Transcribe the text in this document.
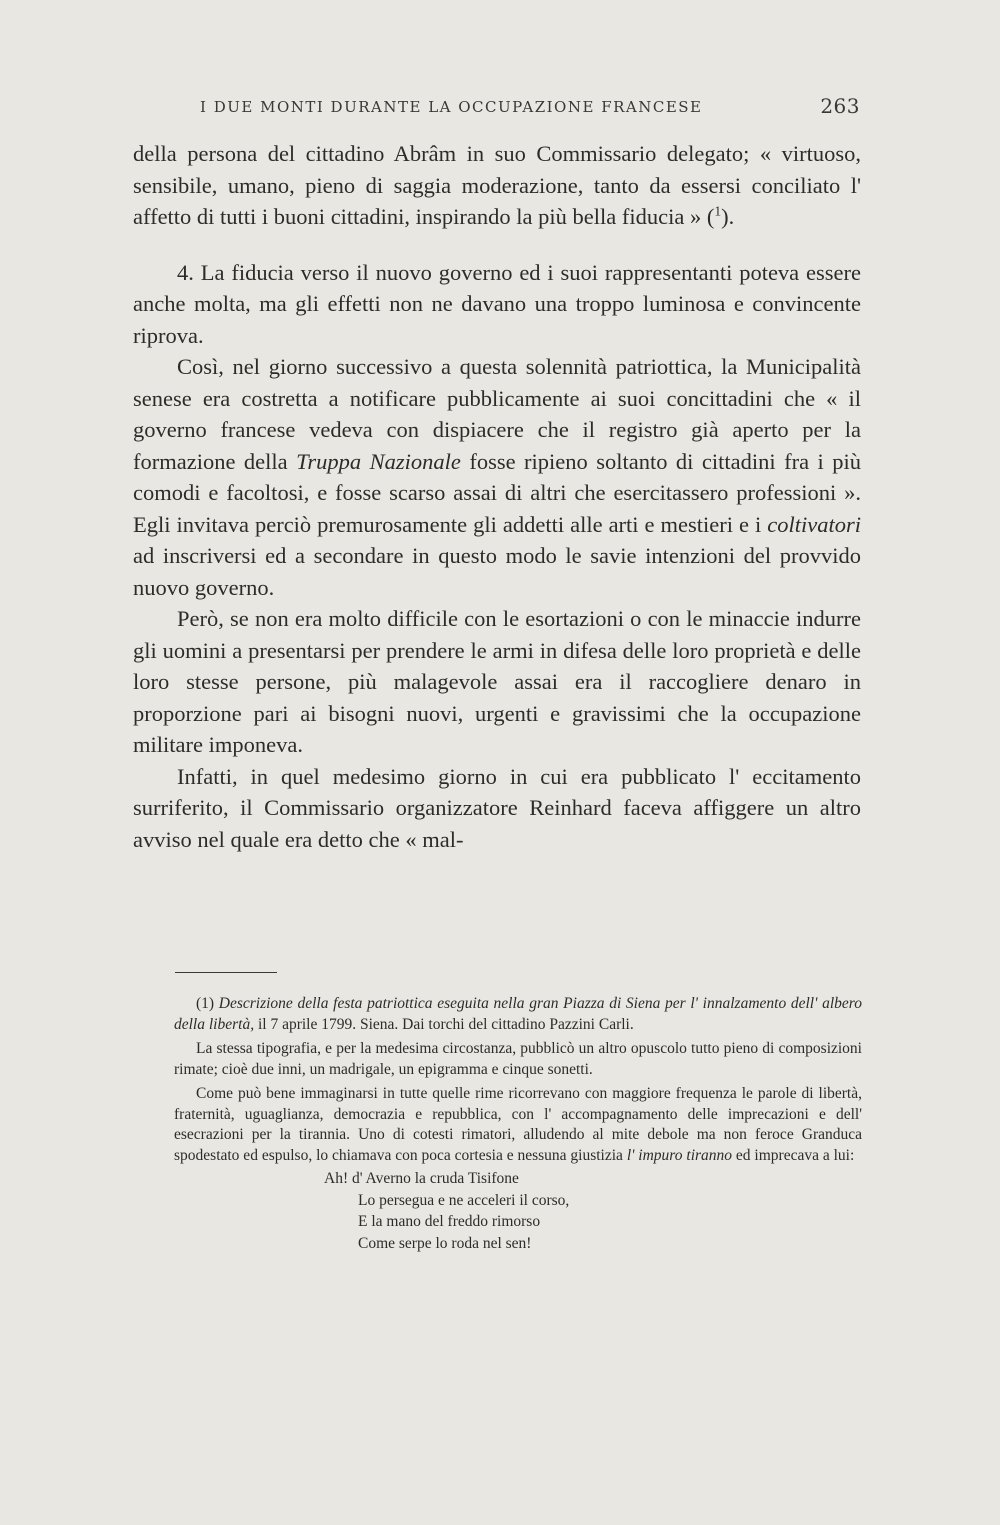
I DUE MONTI DURANTE LA OCCUPAZIONE FRANCESE	263

della persona del cittadino Abrâm in suo Commissario delegato; « virtuoso, sensibile, umano, pieno di saggia moderazione, tanto da essersi conciliato l' affetto di tutti i buoni cittadini, inspirando la più bella fiducia » ($^1$).

4. La fiducia verso il nuovo governo ed i suoi rappresentanti poteva essere anche molta, ma gli effetti non ne davano una troppo luminosa e convincente riprova.

Così, nel giorno successivo a questa solennità patriottica, la Municipalità senese era costretta a notificare pubblicamente ai suoi concittadini che « il governo francese vedeva con dispiacere che il registro già aperto per la formazione della Truppa Nazionale fosse ripieno soltanto di cittadini fra i più comodi e facoltosi, e fosse scarso assai di altri che esercitassero professioni ». Egli invitava perciò premurosamente gli addetti alle arti e mestieri e i coltivatori ad inscriversi ed a secondare in questo modo le savie intenzioni del provvido nuovo governo.

Però, se non era molto difficile con le esortazioni o con le minaccie indurre gli uomini a presentarsi per prendere le armi in difesa delle loro proprietà e delle loro stesse persone, più malagevole assai era il raccogliere denaro in proporzione pari ai bisogni nuovi, urgenti e gravissimi che la occupazione militare imponeva.

Infatti, in quel medesimo giorno in cui era pubblicato l' eccitamento surriferito, il Commissario organizzatore Reinhard faceva affiggere un altro avviso nel quale era detto che « mal-

(1) Descrizione della festa patriottica eseguita nella gran Piazza di Siena per l' innalzamento dell' albero della libertà, il 7 aprile 1799. Siena. Dai torchi del cittadino Pazzini Carli.

La stessa tipografia, e per la medesima circostanza, pubblicò un altro opuscolo tutto pieno di composizioni rimate; cioè due inni, un madrigale, un epigramma e cinque sonetti.

Come può bene immaginarsi in tutte quelle rime ricorrevano con maggiore frequenza le parole di libertà, fraternità, uguaglianza, democrazia e repubblica, con l' accompagnamento delle imprecazioni e dell' esecrazioni per la tirannia. Uno di cotesti rimatori, alludendo al mite debole ma non feroce Granduca spodestato ed espulso, lo chiamava con poca cortesia e nessuna giustizia l' impuro tiranno ed imprecava a lui:

Ah! d' Averno la cruda Tisifone
Lo persegua e ne acceleri il corso,
E la mano del freddo rimorso
Come serpe lo roda nel sen!
